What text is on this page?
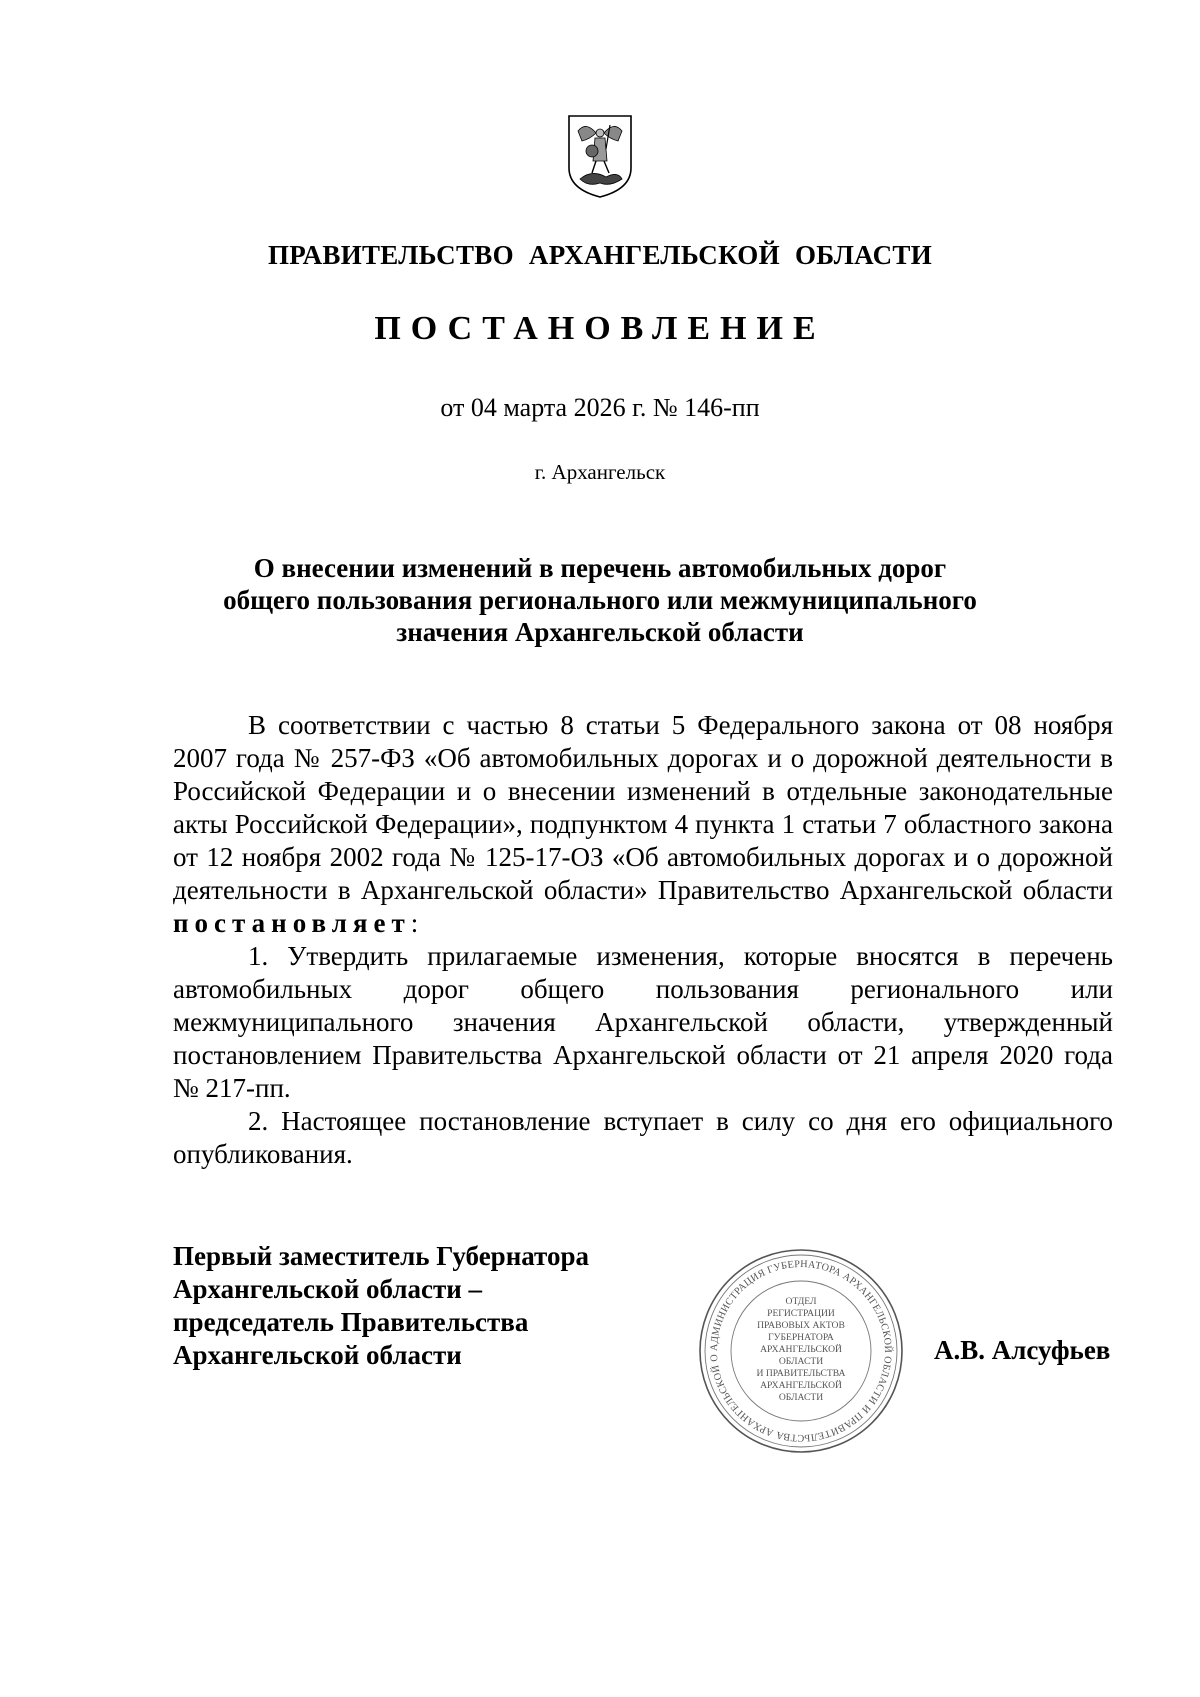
ПРАВИТЕЛЬСТВО АРХАНГЕЛЬСКОЙ ОБЛАСТИ
ПОСТАНОВЛЕНИЕ
от 04 марта 2026 г. № 146-пп
г. Архангельск
О внесении изменений в перечень автомобильных дорог
общего пользования регионального или межмуниципального
значения Архангельской области

В соответствии с частью 8 статьи 5 Федерального закона от 08 ноября 2007 года № 257-ФЗ «Об автомобильных дорогах и о дорожной деятельности в Российской Федерации и о внесении изменений в отдельные законодательные акты Российской Федерации», подпунктом 4 пункта 1 статьи 7 областного закона от 12 ноября 2002 года № 125-17-ОЗ «Об автомобильных дорогах и о дорожной деятельности в Архангельской области» Правительство Архангельской области постановляет:

1. Утвердить прилагаемые изменения, которые вносятся в перечень автомобильных дорог общего пользования регионального или межмуниципального значения Архангельской области, утвержденный постановлением Правительства Архангельской области от 21 апреля 2020 года № 217-пп.

2. Настоящее постановление вступает в силу со дня его официального опубликования.

Первый заместитель Губернатора
Архангельской области –
председатель Правительства
Архангельской области	АДМИНИСТРАЦИЯ ГУБЕРНАТОРА АРХАНГЕЛЬСКОЙ ОБЛАСТИ И ПРАВИТЕЛЬСТВА АРХАНГЕЛЬСКОЙ О
ОТДЕЛ
РЕГИСТРАЦИИ
ПРАВОВЫХ АКТОВ
ГУБЕРНАТОРА
АРХАНГЕЛЬСКОЙ
ОБЛАСТИ
И ПРАВИТЕЛЬСТВА
АРХАНГЕЛЬСКОЙ
ОБЛАСТИ
А.В. Алсуфьев
